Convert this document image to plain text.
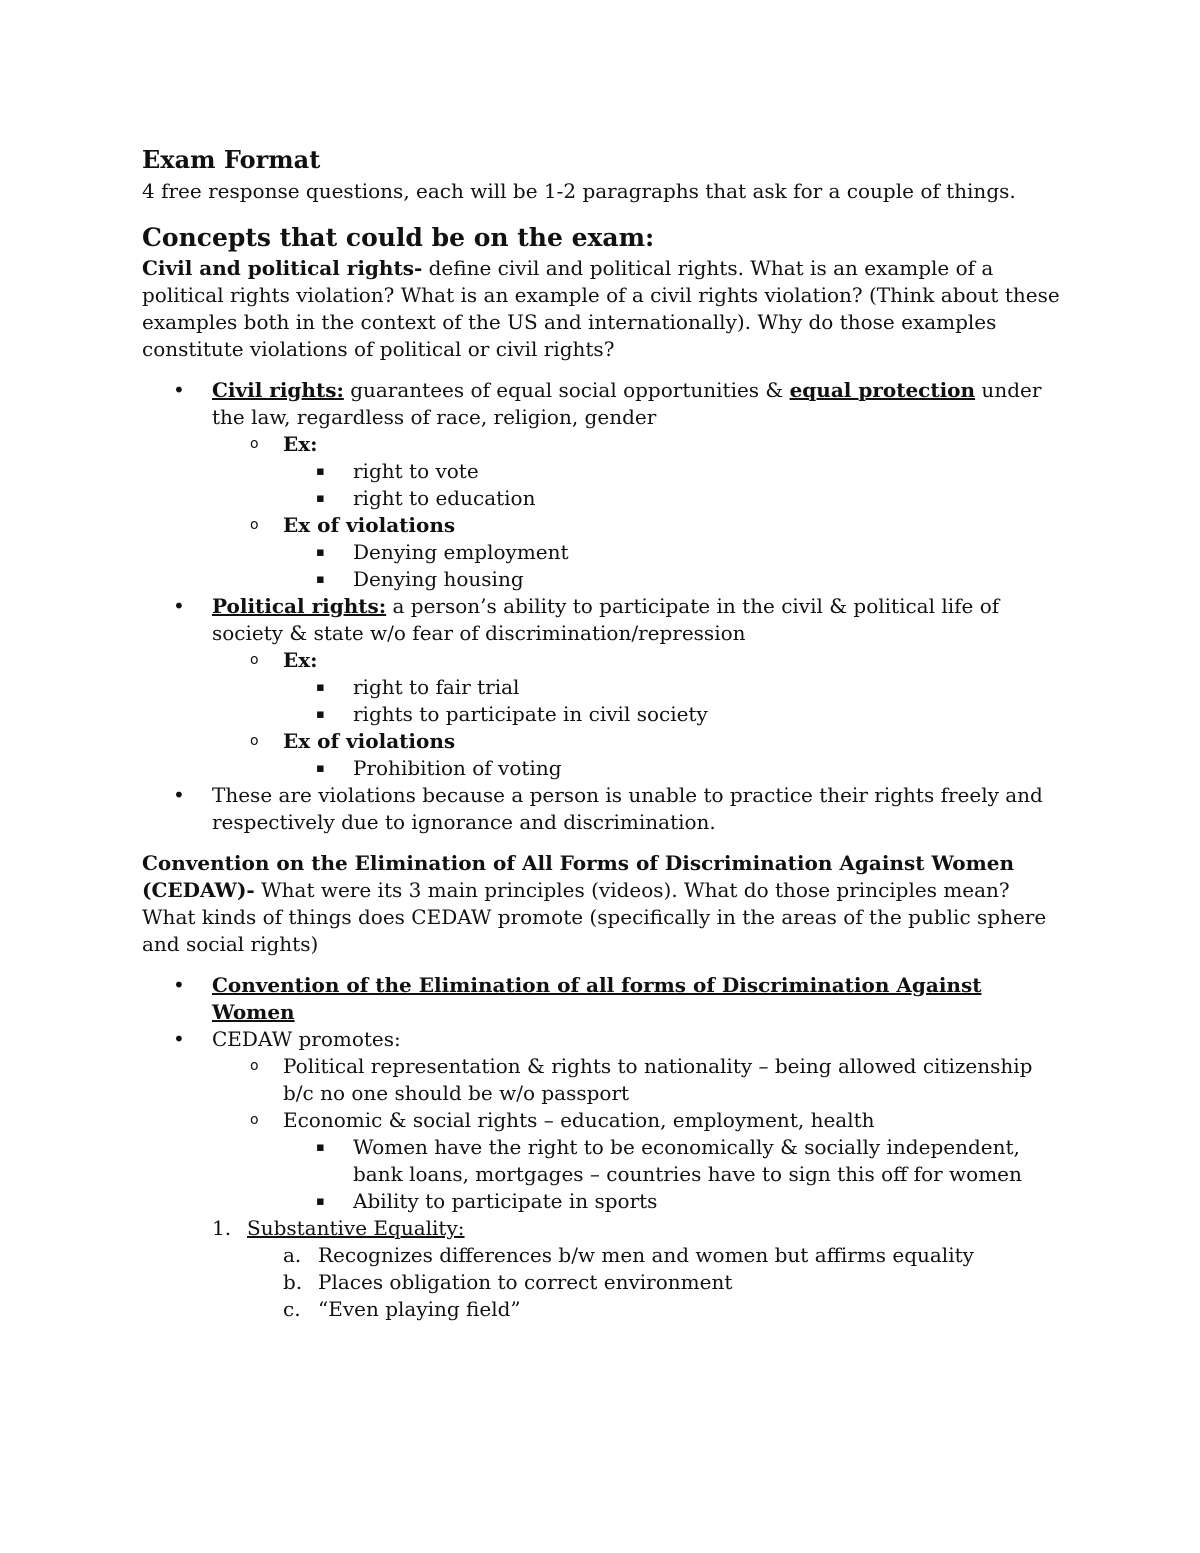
Exam Format

4 free response questions, each will be 1-2 paragraphs that ask for a couple of things.

Concepts that could be on the exam:

Civil and political rights- define civil and political rights. What is an example of a political rights violation? What is an example of a civil rights violation? (Think about these examples both in the context of the US and internationally). Why do those examples constitute violations of political or civil rights?

• Civil rights: guarantees of equal social opportunities & equal protection under the law, regardless of race, religion, gender
o Ex:
▪ right to vote
▪ right to education
o Ex of violations
▪ Denying employment
▪ Denying housing
• Political rights: a person’s ability to participate in the civil & political life of society & state w/o fear of discrimination/repression
o Ex:
▪ right to fair trial
▪ rights to participate in civil society
o Ex of violations
▪ Prohibition of voting
• These are violations because a person is unable to practice their rights freely and respectively due to ignorance and discrimination.

Convention on the Elimination of All Forms of Discrimination Against Women (CEDAW)- What were its 3 main principles (videos). What do those principles mean? What kinds of things does CEDAW promote (specifically in the areas of the public sphere and social rights)

• Convention of the Elimination of all forms of Discrimination Against Women
• CEDAW promotes:
o Political representation & rights to nationality – being allowed citizenship b/c no one should be w/o passport
o Economic & social rights – education, employment, health
▪ Women have the right to be economically & socially independent, bank loans, mortgages – countries have to sign this off for women
▪ Ability to participate in sports
1. Substantive Equality:
a. Recognizes differences b/w men and women but affirms equality
b. Places obligation to correct environment
c. “Even playing field”
